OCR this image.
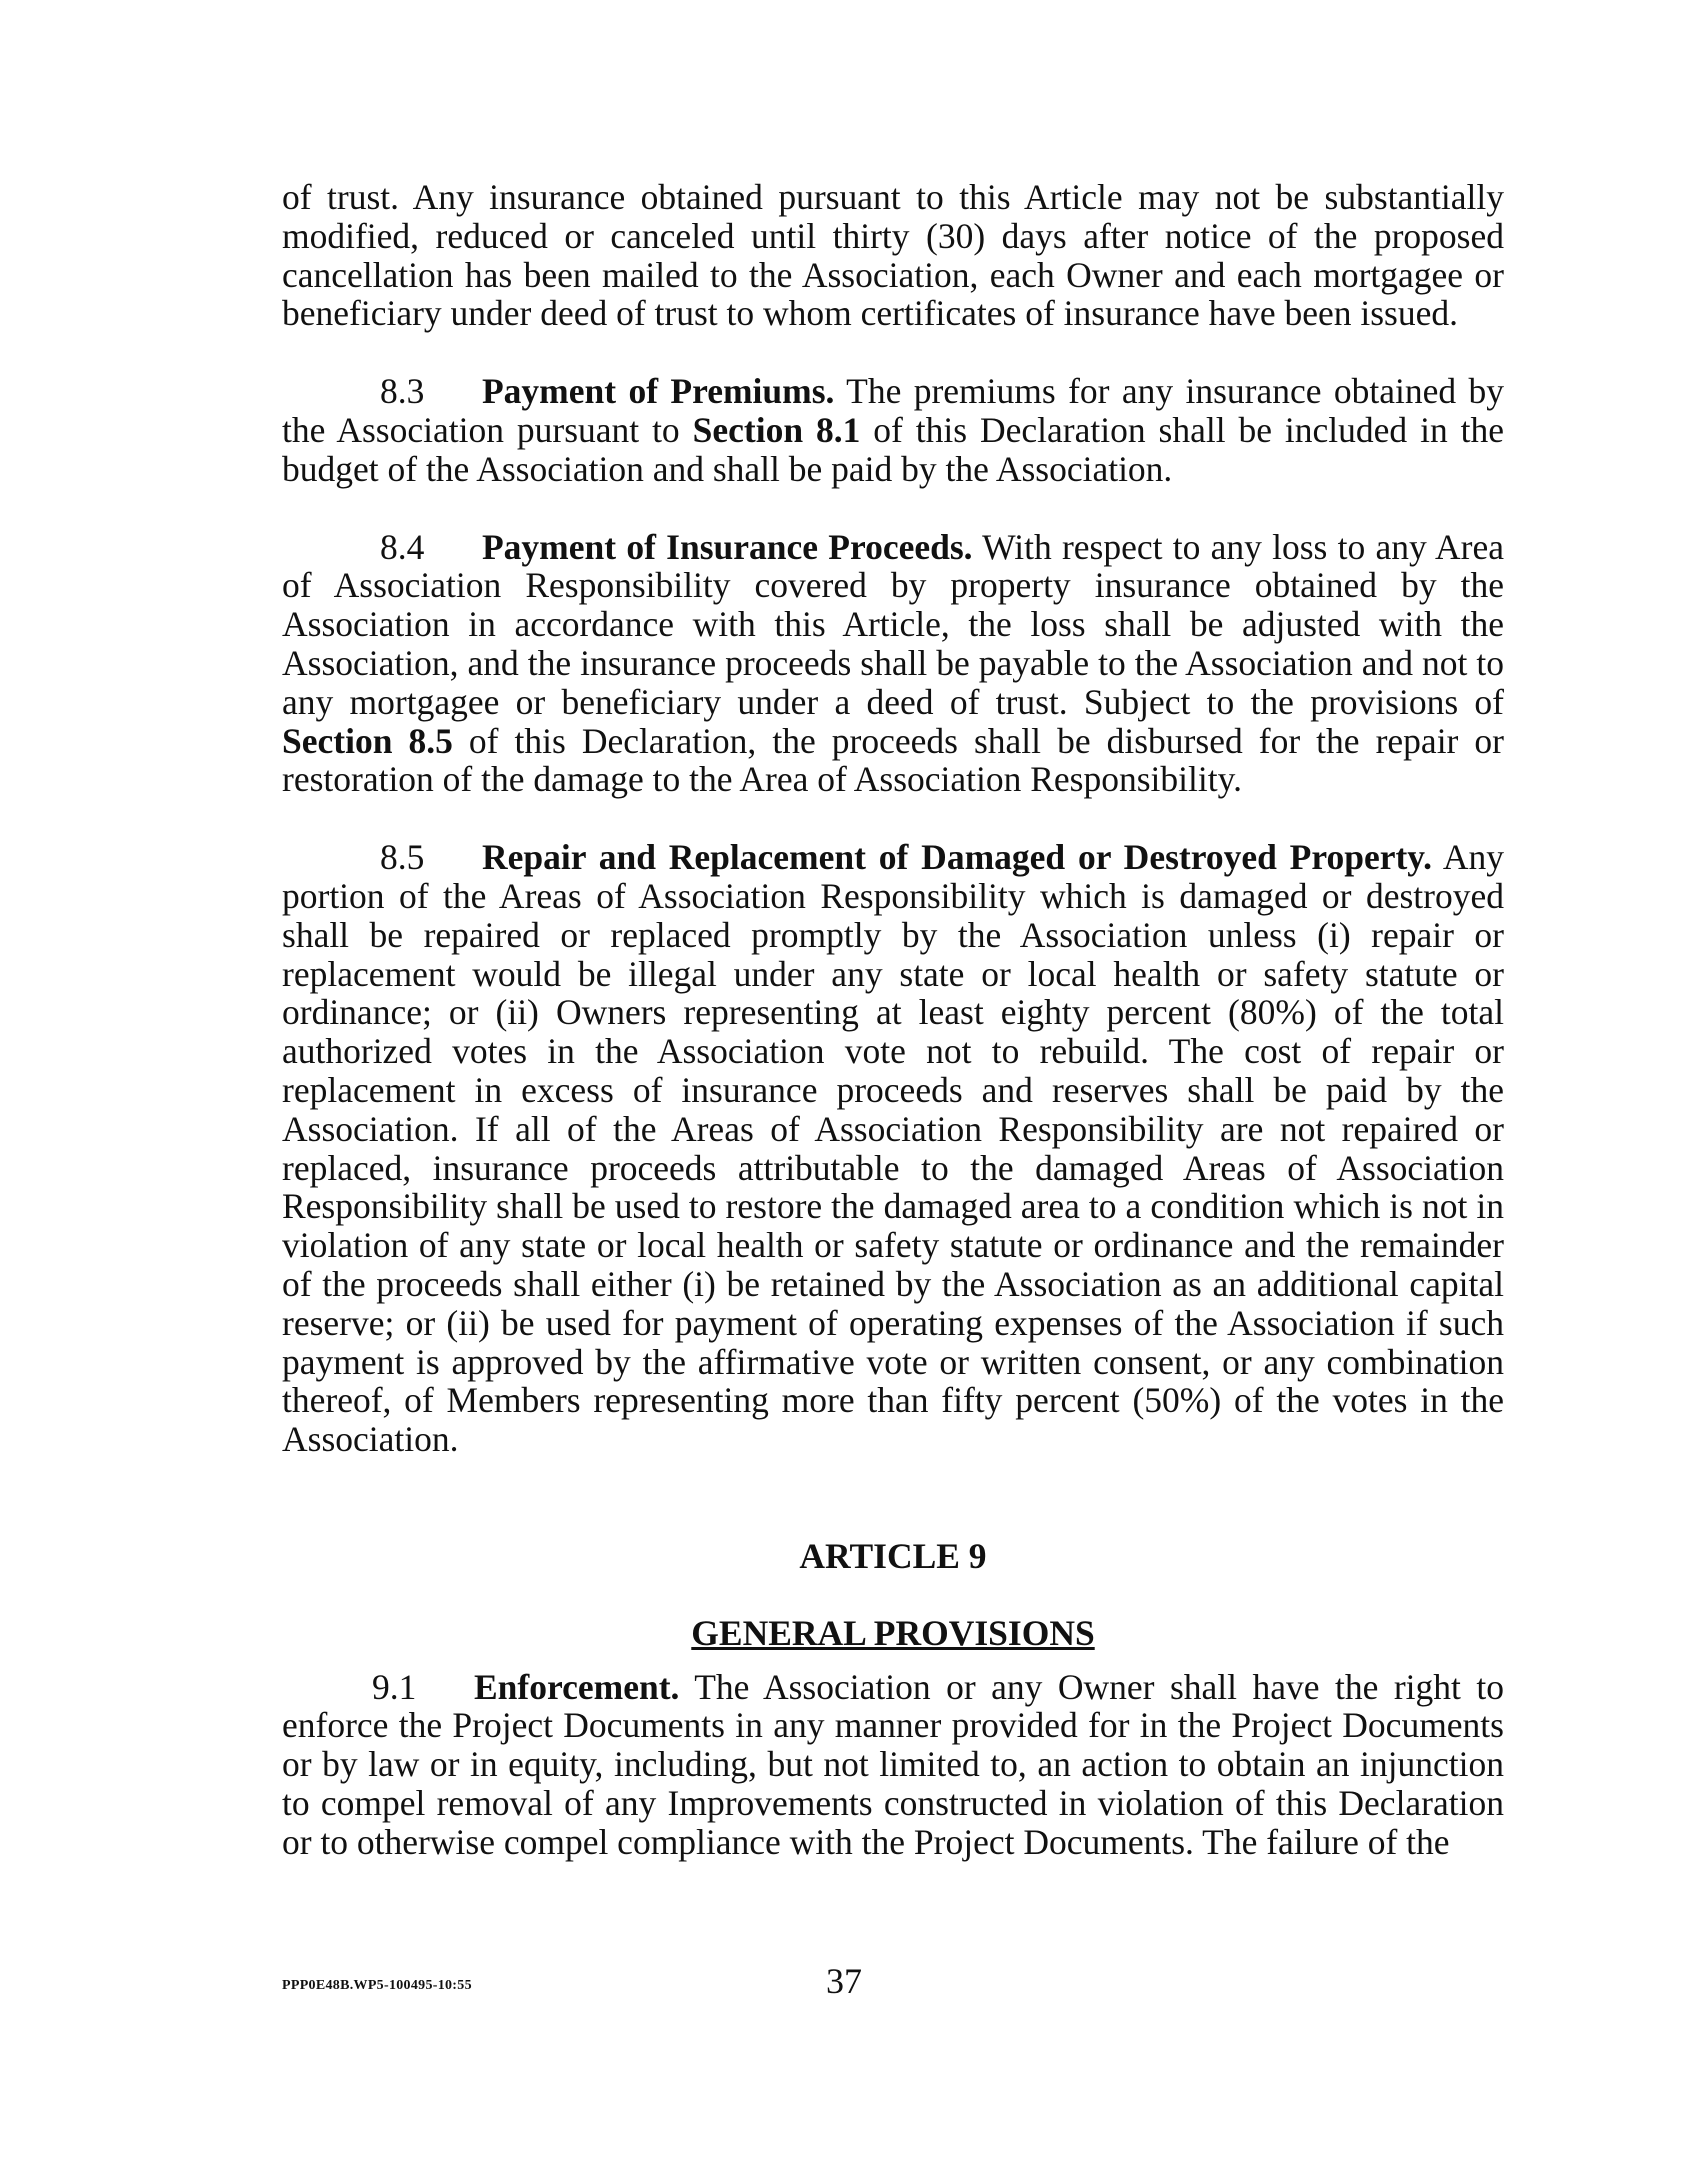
of trust. Any insurance obtained pursuant to this Article may not be substantially modified, reduced or canceled until thirty (30) days after notice of the proposed cancellation has been mailed to the Association, each Owner and each mortgagee or beneficiary under deed of trust to whom certificates of insurance have been issued.

8.3 Payment of Premiums. The premiums for any insurance obtained by the Association pursuant to Section 8.1 of this Declaration shall be included in the budget of the Association and shall be paid by the Association.

8.4 Payment of Insurance Proceeds. With respect to any loss to any Area of Association Responsibility covered by property insurance obtained by the Association in accordance with this Article, the loss shall be adjusted with the Association, and the insurance proceeds shall be payable to the Association and not to any mortgagee or beneficiary under a deed of trust. Subject to the provisions of Section 8.5 of this Declaration, the proceeds shall be disbursed for the repair or restoration of the damage to the Area of Association Responsibility.

8.5 Repair and Replacement of Damaged or Destroyed Property. Any portion of the Areas of Association Responsibility which is damaged or destroyed shall be repaired or replaced promptly by the Association unless (i) repair or replacement would be illegal under any state or local health or safety statute or ordinance; or (ii) Owners representing at least eighty percent (80%) of the total authorized votes in the Association vote not to rebuild. The cost of repair or replacement in excess of insurance proceeds and reserves shall be paid by the Association. If all of the Areas of Association Responsibility are not repaired or replaced, insurance proceeds attributable to the damaged Areas of Association Responsibility shall be used to restore the damaged area to a condition which is not in violation of any state or local health or safety statute or ordinance and the remainder of the proceeds shall either (i) be retained by the Association as an additional capital reserve; or (ii) be used for payment of operating expenses of the Association if such payment is approved by the affirmative vote or written consent, or any combination thereof, of Members representing more than fifty percent (50%) of the votes in the Association.

ARTICLE 9

GENERAL PROVISIONS

9.1 Enforcement. The Association or any Owner shall have the right to enforce the Project Documents in any manner provided for in the Project Documents or by law or in equity, including, but not limited to, an action to obtain an injunction to compel removal of any Improvements constructed in violation of this Declaration or to otherwise compel compliance with the Project Documents. The failure of the

PPP0E48B.WP5-100495-10:55	37
